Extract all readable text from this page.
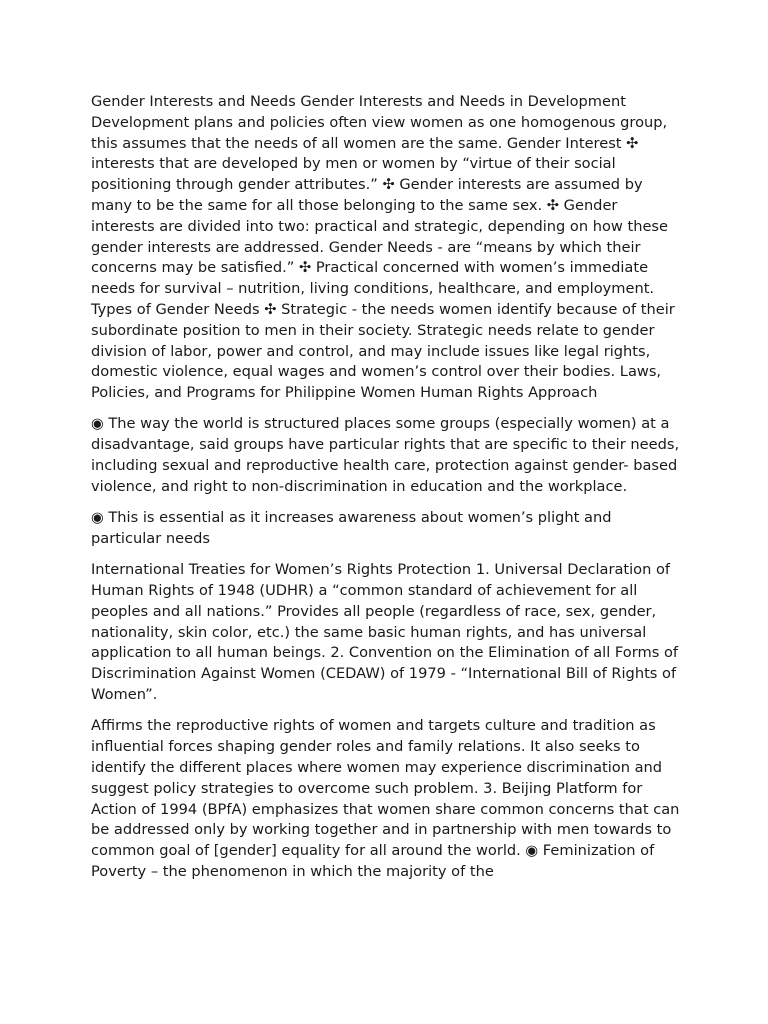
Gender Interests and Needs Gender Interests and Needs in Development Development plans and policies often view women as one homogenous group, this assumes that the needs of all women are the same. Gender Interest ✣ interests that are developed by men or women by “virtue of their social positioning through gender attributes.” ✣ Gender interests are assumed by many to be the same for all those belonging to the same sex. ✣ Gender interests are divided into two: practical and strategic, depending on how these gender interests are addressed. Gender Needs - are “means by which their concerns may be satisfied.” ✣ Practical concerned with women’s immediate needs for survival – nutrition, living conditions, healthcare, and employment. Types of Gender Needs ✣ Strategic - the needs women identify because of their subordinate position to men in their society. Strategic needs relate to gender division of labor, power and control, and may include issues like legal rights, domestic violence, equal wages and women’s control over their bodies. Laws, Policies, and Programs for Philippine Women Human Rights Approach

◉ The way the world is structured places some groups (especially women) at a disadvantage, said groups have particular rights that are specific to their needs, including sexual and reproductive health care, protection against gender- based violence, and right to non-discrimination in education and the workplace.

◉ This is essential as it increases awareness about women’s plight and particular needs

International Treaties for Women’s Rights Protection 1. Universal Declaration of Human Rights of 1948 (UDHR) a “common standard of achievement for all peoples and all nations.” Provides all people (regardless of race, sex, gender, nationality, skin color, etc.) the same basic human rights, and has universal application to all human beings. 2. Convention on the Elimination of all Forms of Discrimination Against Women (CEDAW) of 1979 - “International Bill of Rights of Women”.

Affirms the reproductive rights of women and targets culture and tradition as influential forces shaping gender roles and family relations. It also seeks to identify the different places where women may experience discrimination and suggest policy strategies to overcome such problem. 3. Beijing Platform for Action of 1994 (BPfA) emphasizes that women share common concerns that can be addressed only by working together and in partnership with men towards to common goal of [gender] equality for all around the world. ◉ Feminization of Poverty – the phenomenon in which the majority of the
